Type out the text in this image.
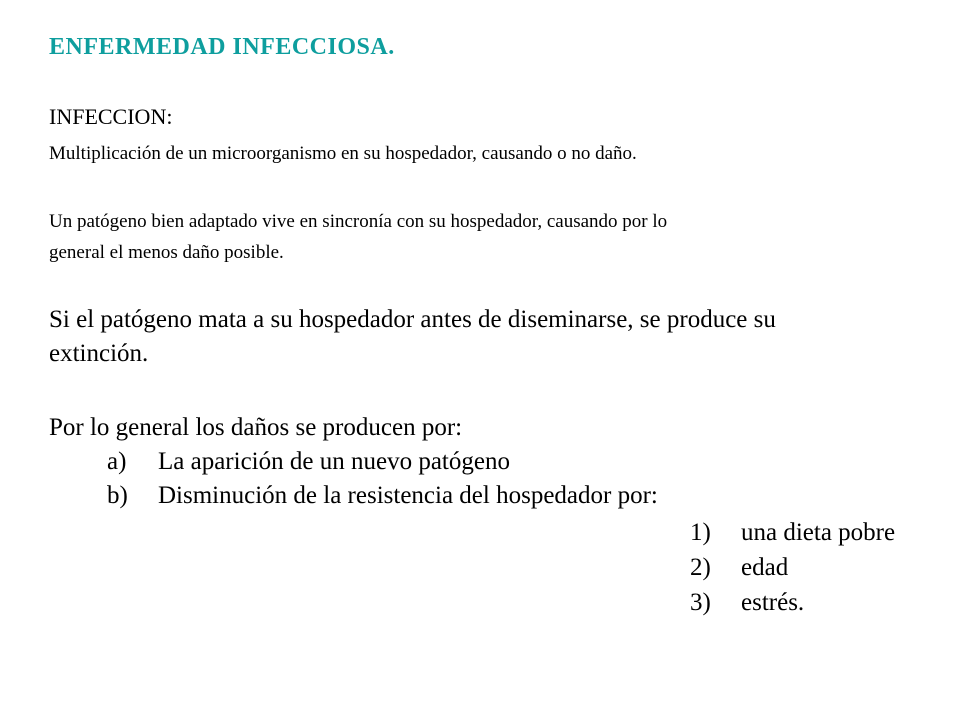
ENFERMEDAD INFECCIOSA.
INFECCION:
Multiplicación de un microorganismo en su hospedador, causando o no daño.
Un patógeno bien adaptado vive en sincronía con su hospedador, causando por lo
general el menos daño posible.
Si el patógeno mata a su hospedador antes de diseminarse, se produce su
extinción.
Por lo general los daños se producen por:
a) La aparición de un nuevo patógeno
b) Disminución de la resistencia del hospedador por:
1) una dieta pobre
2) edad
3) estrés.
